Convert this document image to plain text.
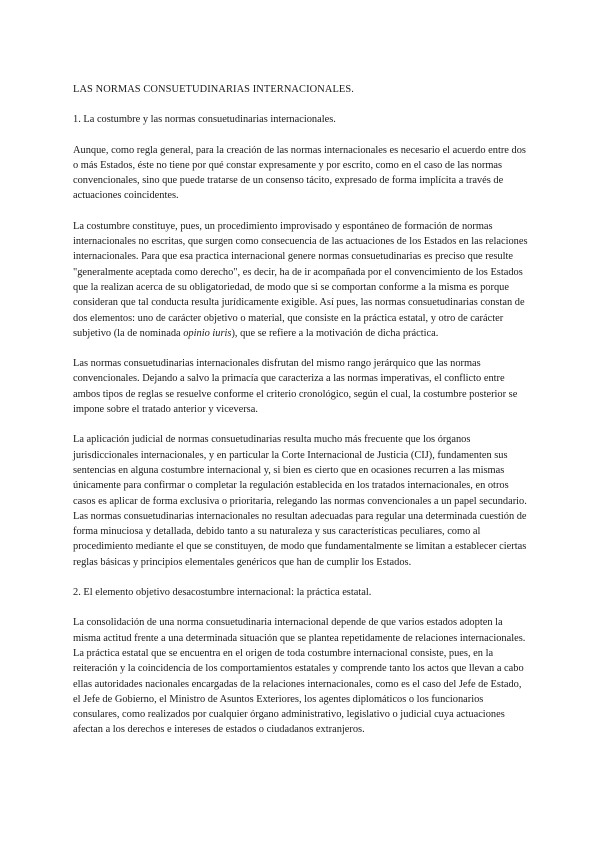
LAS NORMAS CONSUETUDINARIAS INTERNACIONALES.
1. La costumbre y las normas consuetudinarias internacionales.

Aunque, como regla general, para la creación de las normas internacionales es necesario el acuerdo entre dos o más Estados, éste no tiene por qué constar expresamente y por escrito, como en el caso de las normas convencionales, sino que puede tratarse de un consenso tácito, expresado de forma implícita a través de actuaciones coincidentes.

La costumbre constituye, pues, un procedimiento improvisado y espontáneo de formación de normas internacionales no escritas, que surgen como consecuencia de las actuaciones de los Estados en las relaciones internacionales. Para que esa practica internacional genere normas consuetudinarias es preciso que resulte "generalmente aceptada como derecho", es decir, ha de ir acompañada por el convencimiento de los Estados que la realizan acerca de su obligatoriedad, de modo que si se comportan conforme a la misma es porque consideran que tal conducta resulta jurídicamente exigible. Así pues, las normas consuetudinarias constan de dos elementos: uno de carácter objetivo o material, que consiste en la práctica estatal, y otro de carácter subjetivo (la de nominada opinio iuris), que se refiere a la motivación de dicha práctica.

Las normas consuetudinarias internacionales disfrutan del mismo rango jerárquico que las normas convencionales. Dejando a salvo la primacía que caracteriza a las normas imperativas, el conflicto entre ambos tipos de reglas se resuelve conforme el criterio cronológico, según el cual, la costumbre posterior se impone sobre el tratado anterior y viceversa.

La aplicación judicial de normas consuetudinarias resulta mucho más frecuente que los órganos jurisdiccionales internacionales, y en particular la Corte Internacional de Justicia (CIJ), fundamenten sus sentencias en alguna costumbre internacional y, si bien es cierto que en ocasiones recurren a las mismas únicamente para confirmar o completar la regulación establecida en los tratados internacionales, en otros casos es aplicar de forma exclusiva o prioritaria, relegando las normas convencionales a un papel secundario. Las normas consuetudinarias internacionales no resultan adecuadas para regular una determinada cuestión de forma minuciosa y detallada, debido tanto a su naturaleza y sus características peculiares, como al procedimiento mediante el que se constituyen, de modo que fundamentalmente se limitan a establecer ciertas reglas básicas y principios elementales genéricos que han de cumplir los Estados.

2. El elemento objetivo desacostumbre internacional: la práctica estatal.

La consolidación de una norma consuetudinaria internacional depende de que varios estados adopten la misma actitud frente a una determinada situación que se plantea repetidamente de relaciones internacionales. La práctica estatal que se encuentra en el origen de toda costumbre internacional consiste, pues, en la reiteración y la coincidencia de los comportamientos estatales y comprende tanto los actos que llevan a cabo ellas autoridades nacionales encargadas de la relaciones internacionales, como es el caso del Jefe de Estado, el Jefe de Gobierno, el Ministro de Asuntos Exteriores, los agentes diplomáticos o los funcionarios consulares, como realizados por cualquier órgano administrativo, legislativo o judicial cuya actuaciones afectan a los derechos e intereses de estados o ciudadanos extranjeros.
